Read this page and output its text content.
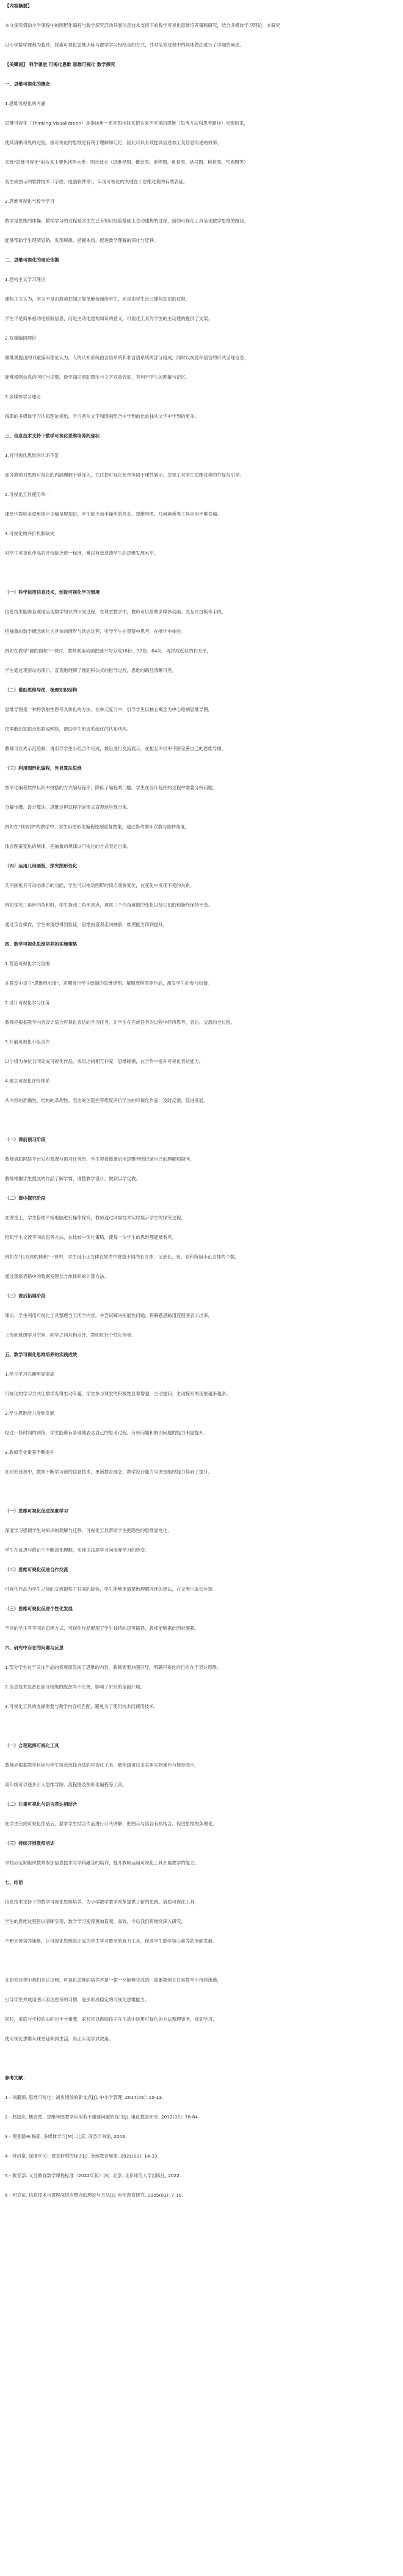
【内容摘要】
本文探究借助小学课程中的图形化编程与数学探究活动开展信息技术支持下的数学可视化思维培养策略研究，结合多媒体学习理论，本研究
以小学数学课程为载体，探索可视化思维训练与数学学习相结合的方式，并对培养过程中的具体做法进行了详细的阐述。
【关键词】 科学课堂 可视化思维 思维可视化 数学探究
一、思维可视化的概念
1.思维可视化的内涵
思维可视化（Thinking Visualization）是指运用一系列图示技术把本来不可视的思维（思考方法和思考路径）呈现出来，
使其清晰可见的过程。被可视化的思维更有利于理解和记忆，因此可以有效提高信息加工及信息传递的效率。
实现"思维可视化"的技术主要包括两大类：图示技术（思维导图、概念图、流程图、鱼骨图、括号图、树状图、气泡图等）
及生成图示的软件技术（手绘、电脑软件等），实现可视化的关键在于思维过程的有效表征。
2.思维可视化与数学学习
数学是思维的体操。数学学习的过程是学生在已有知识经验基础上主动建构的过程，借助可视化工具呈现数学思维的路径，
能够帮助学生理清思路，发现规律，把握本质，促进数学理解的深化与迁移。
二、思维可视化的理论依据
1.建构主义学习理论
建构主义认为，学习不是由教师把知识简单地传递给学生，而是由学生自己建构知识的过程。
学生不是简单被动地接收信息，而是主动地建构知识的意义。可视化工具为学生的主动建构提供了支架。
2.双重编码理论
佩维奥提出的双重编码理论认为，人的认知系统由言语系统和非言语系统两部分组成，同时以视觉和语言的形式呈现信息，
能够增强信息的回忆与识别。数学知识借助图示与文字双重表征，有利于学生的理解与记忆。
3.多媒体学习理论
梅耶的多媒体学习认知理论指出，学习者从文字和图画组合中学到的比单独从文字中学到的更多。
三、信息技术支持下数学可视化思维培养的现状
1.对可视化思维的认识不足
部分教师对思维可视化的内涵理解不够深入，往往把可视化简单等同于课件展示，忽视了对学生思维过程的外显与引导。
2.可视化工具使用单一
课堂中教师多使用演示文稿呈现知识，学生缺少动手操作的机会，思维导图、几何画板等工具应用不够普遍。
3.可视化的评价机制缺失
对学生可视化作品的评价缺乏统一标准，难以有效反馈学生的思维发展水平。
（一）科学运用信息技术，创设可视化学习情境
信息技术能够直观地呈现数学知识的形成过程，在课堂教学中，教师可以借助多媒体动画、交互式白板等手段，
把抽象的数学概念转化为具体的图形与动态过程，引导学生在观察中思考，在操作中体验。
例如在教学"圆的面积"一课时，教师利用动画把圆平均分成16份、32份、64份，再拼成近似的长方形，
学生通过观察动态演示，直观地理解了圆面积公式的推导过程，思维的路径清晰可见。
（二）借助思维导图，梳理知识结构
思维导图是一种将放射性思考具体化的方法。在单元复习中，引导学生以核心概念为中心绘制思维导图，
把零散的知识点串联成网络，帮助学生形成系统化的认知结构。
教师可以先示范绘制，再引导学生小组合作完成，最后进行交流展示，在相互评价中不断完善自己的思维导图。
（三）利用图形化编程，外显算法思维
图形化编程软件以积木拼搭的方式编写程序，降低了编程的门槛。学生在设计程序的过程中需要分析问题、
分解步骤、设计算法，思维过程以程序的形式直观地呈现出来。
例如在"找规律"的教学中，学生用图形化编程绘制重复图案，通过修改循环次数与旋转角度，
体会图案变化的规律，把抽象的规律以可视化的方式表达出来。
（四）运用几何画板，探究图形变化
几何画板具有动态演示的功能，学生可以拖动图形的顶点观察变化，在变化中发现不变的关系。
例如探究三角形内角和时，学生拖动三角形顶点，观察三个内角度数的变化以及它们的和始终保持不变。
通过亲自操作，学生的猜想得到验证，思维由直观走向抽象，推理能力得到提升。
四、数学可视化思维培养的实施策略
1.营造可视化学习氛围
在教室中设立"思维展示墙"，定期展示学生绘制的思维导图、解题流程图等作品，激发学生的参与热情。
2.设计可视化学习任务
教师应根据教学内容设计适合可视化表达的学习任务，让学生在完成任务的过程中经历思考、表达、交流的全过程。
3.开展可视化小组合作
以小组为单位共同完成可视化作品，成员之间相互补充，思维碰撞，在合作中提升可视化表达能力。
4.建立可视化评价体系
从内容的准确性、结构的条理性、表达的创造性等维度评价学生的可视化作品，及时反馈，促进发展。
（一）课前预习阶段
教师借助网络平台发布微课与预习任务单，学生观看微课后用思维导图记录自己的理解和疑问，
教师根据学生提交的作品了解学情，调整教学设计，做到以学定教。
（二）课中探究阶段
在课堂上，学生借助平板电脑进行操作探究，教师通过同屏技术实时展示学生的探究过程，
组织学生交流不同的思考方法，在比较中优化策略，使每一位学生的思维都能被看见。
例如在"长方体的体积"一课中，学生用小正方体在软件中拼搭不同的长方体，记录长、宽、高和所用小正方体的个数，
通过观察表格中的数据发现长方体体积的计算方法。
（三）课后拓展阶段
课后，学生利用可视化工具整理当天所学内容，并尝试解决拓展性问题，将解题思路用流程图表示出来，
上传到班级学习空间，同学之间互相点评，教师进行个性化指导。
五、数学可视化思维培养的实践成效
1.学生学习兴趣明显提高
可视化的学习方式让数学变得生动有趣，学生参与课堂的积极性显著增强，主动提问、主动探究的现象越来越多。
2.学生思维能力得到发展
经过一段时间的训练，学生能够有条理地表达自己的思考过程，分析问题和解决问题的能力明显提升。
3.教师专业素养不断提升
在研究过程中，教师不断学习新的信息技术，更新教育理念，教学设计能力与课堂组织能力得到了提升。
（一）思维可视化促进深度学习
深度学习强调学生对知识的理解与迁移。可视化工具帮助学生把隐性的思维显性化，
学生在反思与修正中不断深化理解，实现由浅层学习向深度学习的转变。
（二）思维可视化促进合作交流
可视化作品为学生之间的交流提供了共同的载体，学生能够更清楚地理解同伴的想法，在交流中取长补短。
（三）思维可视化促进个性化发展
不同的学生有不同的思维方式，可视化作品展现了学生独特的思考路径，教师能够据此因材施教。
六、研究中存在的问题与反思
1.部分学生过于关注作品的美观而忽视了思维的内容，教师需要加强引导，明确可视化的目的在于表达思维。
2.信息技术设备在部分班级的配备尚不完善，影响了研究的全面开展。
3.可视化工具的选择需要与教学内容相匹配，避免为了使用技术而使用技术。
（一）合理选择可视化工具
教师应根据教学目标与学生特点选择合适的可视化工具，低年级可以多采用实物操作与简单图示，
高年级可以逐步引入思维导图、流程图及图形化编程等工具。
（二）注重可视化与语言表达相结合
在学生完成可视化作品后，要求学生结合作品进行口头讲解，把图示与语言有机结合，促进思维的条理化。
（三）持续开展教师培训
学校应定期组织教师参加信息技术与学科融合的培训，提升教师运用可视化工具开展教学的能力。
七、结语
信息技术支持下的数学可视化思维培养，为小学数学教学改革提供了新的思路。借助可视化工具，
学生的思维过程得以清晰呈现，数学学习变得更加直观、高效。今后我们将继续深入研究，
不断完善培养策略，让可视化思维真正成为学生学习数学的有力工具，促进学生数学核心素养的全面发展。
在研究过程中我们也认识到，可视化思维的培养不是一朝一夕能够完成的，需要教师在日常教学中持续渗透，
引导学生养成用图示表达思考的习惯，逐步形成稳定的可视化思维能力。
同时，家庭与学校的协同也十分重要，家长可以鼓励孩子在生活中运用可视化的方法整理事务、规划学习，
使可视化思维从课堂延伸到生活，真正实现学以致用。
参考文献：
1 - 刘濯源. 思维可视化：减负增效的新支点[J]. 中小学管理, 2014(06): 10-13.
2 - 赵国庆. 概念图、思维导图教学应用若干重要问题的探讨[J]. 电化教育研究, 2012(05): 78-84.
3 - 理查德·E·梅耶. 多媒体学习[M]. 北京: 商务印书馆, 2006.
4 - 钟启泉. 深度学习：课堂转型的标识[J]. 全球教育展望, 2021(01): 14-33.
5 - 教育部. 义务教育数学课程标准（2022年版）[S]. 北京: 北京师范大学出版社, 2022.
6 - 何克抗. 信息技术与课程深层次整合的理论与方法[J]. 电化教育研究, 2005(01): 7-15.
